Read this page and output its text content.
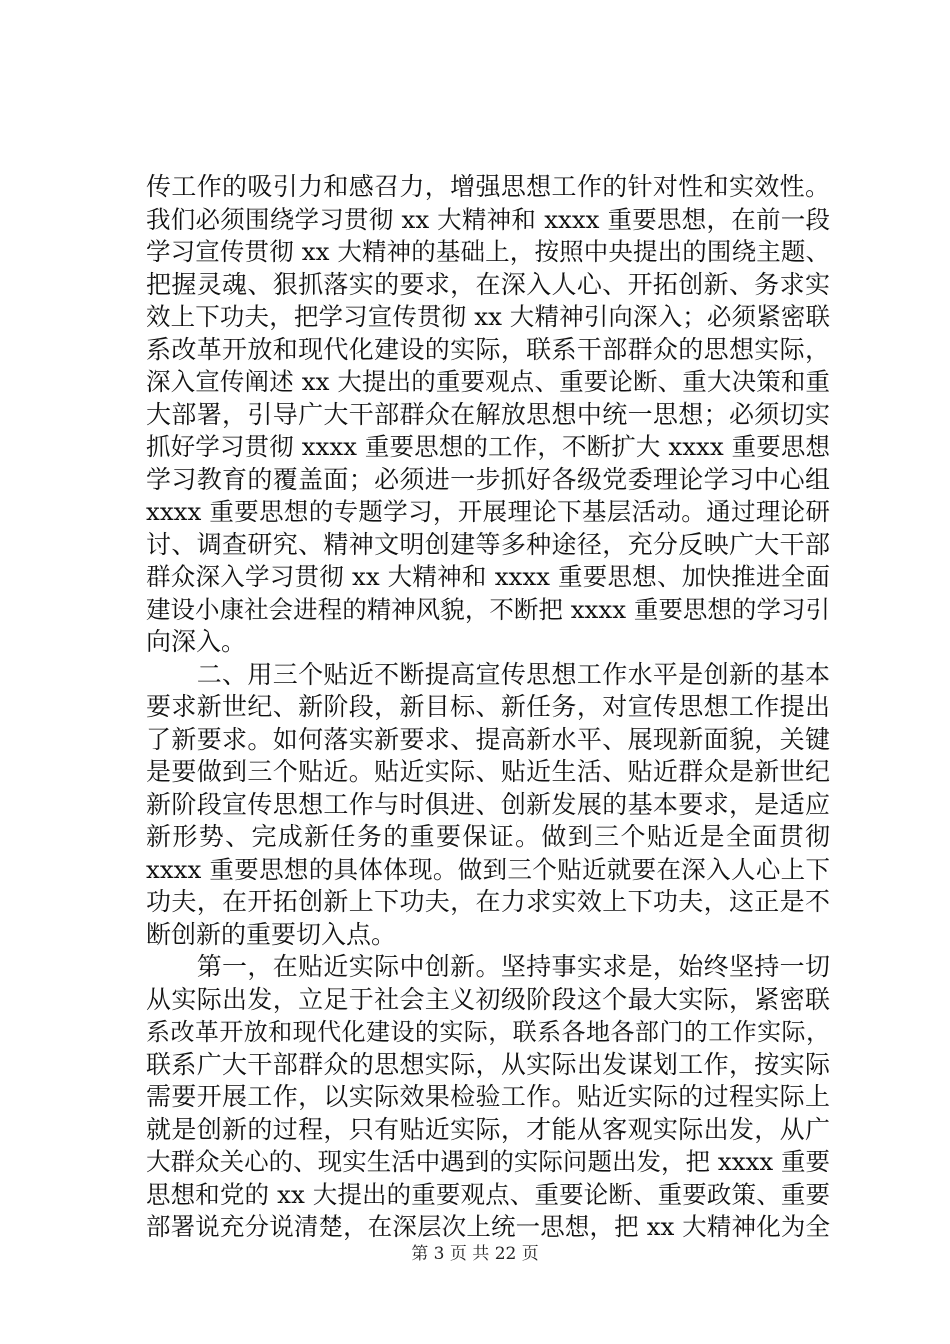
传工作的吸引力和感召力，增强思想工作的针对性和实效性。
我们必须围绕学习贯彻 xx 大精神和 xxxx 重要思想，在前一段
学习宣传贯彻 xx 大精神的基础上，按照中央提出的围绕主题、
把握灵魂、狠抓落实的要求，在深入人心、开拓创新、务求实
效上下功夫，把学习宣传贯彻 xx 大精神引向深入；必须紧密联
系改革开放和现代化建设的实际，联系干部群众的思想实际，
深入宣传阐述 xx 大提出的重要观点、重要论断、重大决策和重
大部署，引导广大干部群众在解放思想中统一思想；必须切实
抓好学习贯彻 xxxx 重要思想的工作，不断扩大 xxxx 重要思想
学习教育的覆盖面；必须进一步抓好各级党委理论学习中心组
xxxx 重要思想的专题学习，开展理论下基层活动。通过理论研
讨、调查研究、精神文明创建等多种途径，充分反映广大干部
群众深入学习贯彻 xx 大精神和 xxxx 重要思想、加快推进全面
建设小康社会进程的精神风貌，不断把 xxxx 重要思想的学习引
向深入。
　　二、用三个贴近不断提高宣传思想工作水平是创新的基本
要求新世纪、新阶段，新目标、新任务，对宣传思想工作提出
了新要求。如何落实新要求、提高新水平、展现新面貌，关键
是要做到三个贴近。贴近实际、贴近生活、贴近群众是新世纪
新阶段宣传思想工作与时俱进、创新发展的基本要求，是适应
新形势、完成新任务的重要保证。做到三个贴近是全面贯彻
xxxx 重要思想的具体体现。做到三个贴近就要在深入人心上下
功夫，在开拓创新上下功夫，在力求实效上下功夫，这正是不
断创新的重要切入点。
　　第一，在贴近实际中创新。坚持事实求是，始终坚持一切
从实际出发，立足于社会主义初级阶段这个最大实际，紧密联
系改革开放和现代化建设的实际，联系各地各部门的工作实际，
联系广大干部群众的思想实际，从实际出发谋划工作，按实际
需要开展工作，以实际效果检验工作。贴近实际的过程实际上
就是创新的过程，只有贴近实际，才能从客观实际出发，从广
大群众关心的、现实生活中遇到的实际问题出发，把 xxxx 重要
思想和党的 xx 大提出的重要观点、重要论断、重要政策、重要
部署说充分说清楚，在深层次上统一思想，把 xx 大精神化为全
第 3 页 共 22 页
